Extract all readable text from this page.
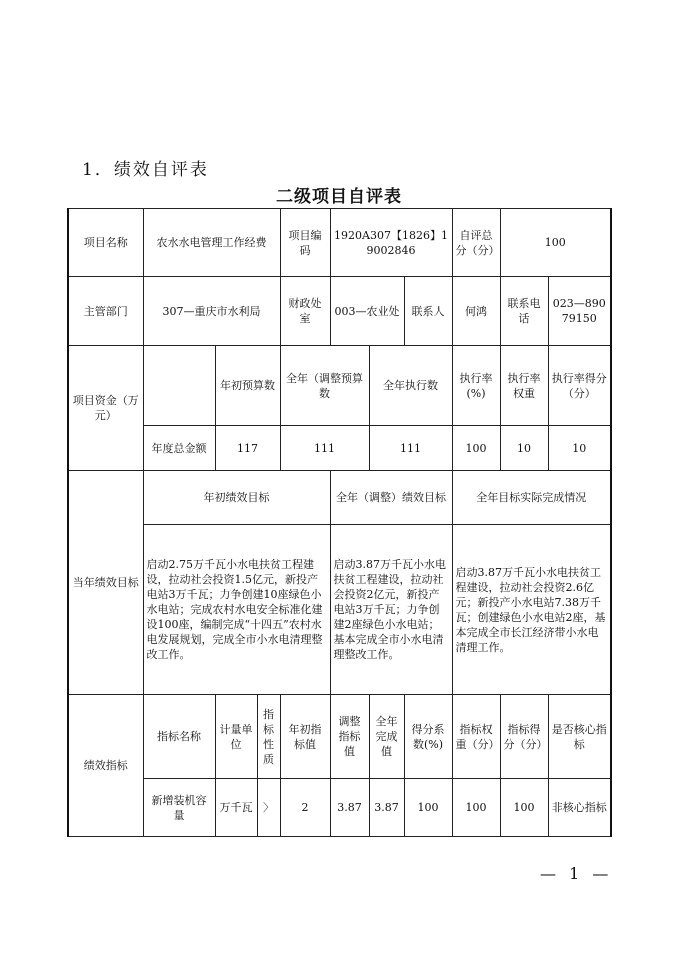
1．绩效自评表
二级项目自评表
项目名称	农水水电管理工作经费			项目编码	1920A307【1826】19002846			自评总分（分）	100	
主管部门	307—重庆市水利局			财政处室	003—农业处		联系人	何鸿	联系电话	023—89079150
项目资金（万元）		年初预算数		全年（调整预算数		全年执行数		执行率(%)	执行率权重	执行率得分（分）
	年度总金额	117		111		111		100	10	10
当年绩效目标	年初绩效目标				全年（调整）绩效目标			全年目标实际完成情况		
	启动2.75万千瓦小水电扶贫工程建设，拉动社会投资1.5亿元，新投产电站3万千瓦；力争创建10座绿色小水电站；完成农村水电安全标准化建设100座，编制完成“十四五”农村水电发展规划，完成全市小水电清理整改工作。				启动3.87万千瓦小水电扶贫工程建设，拉动社会投资2亿元，新投产电站3万千瓦；力争创建2座绿色小水电站；基本完成全市小水电清理整改工作。			启动3.87万千瓦小水电扶贫工程建设，拉动社会投资2.6亿元；新投产小水电站7.38万千瓦；创建绿色小水电站2座，基本完成全市长江经济带小水电清理工作。		
绩效指标	指标名称	计量单位	指标性质	年初指标值	调整指标值	全年完成值	得分系数(%)	指标权重（分）	指标得分（分）	是否核心指标
	新增装机容量	万千瓦	〉	2	3.87	3.87	100	100	100	非核心指标
— 1 —
